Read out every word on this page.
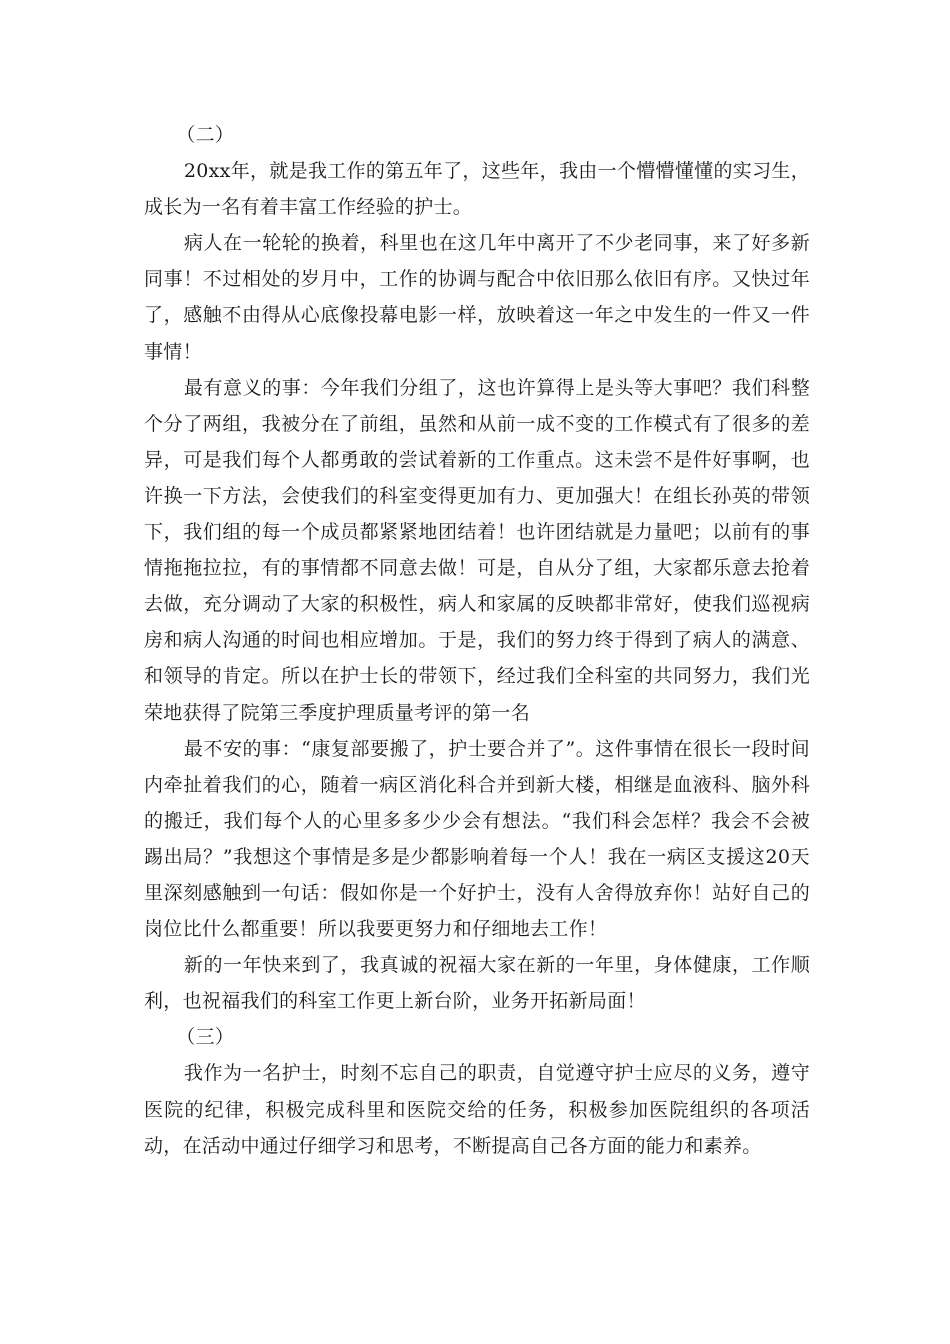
（二）

20xx年，就是我工作的第五年了，这些年，我由一个懵懵懂懂的实习生，成长为一名有着丰富工作经验的护士。

病人在一轮轮的换着，科里也在这几年中离开了不少老同事，来了好多新同事！不过相处的岁月中，工作的协调与配合中依旧那么依旧有序。又快过年了，感触不由得从心底像投幕电影一样，放映着这一年之中发生的一件又一件事情！

最有意义的事：今年我们分组了，这也许算得上是头等大事吧？我们科整个分了两组，我被分在了前组，虽然和从前一成不变的工作模式有了很多的差异，可是我们每个人都勇敢的尝试着新的工作重点。这未尝不是件好事啊，也许换一下方法，会使我们的科室变得更加有力、更加强大！在组长孙英的带领下，我们组的每一个成员都紧紧地团结着！也许团结就是力量吧；以前有的事情拖拖拉拉，有的事情都不同意去做！可是，自从分了组，大家都乐意去抢着去做，充分调动了大家的积极性，病人和家属的反映都非常好，使我们巡视病房和病人沟通的时间也相应增加。于是，我们的努力终于得到了病人的满意、和领导的肯定。所以在护士长的带领下，经过我们全科室的共同努力，我们光荣地获得了院第三季度护理质量考评的第一名

最不安的事：“康复部要搬了，护士要合并了”。这件事情在很长一段时间内牵扯着我们的心，随着一病区消化科合并到新大楼，相继是血液科、脑外科的搬迁，我们每个人的心里多多少少会有想法。“我们科会怎样？我会不会被踢出局？”我想这个事情是多是少都影响着每一个人！我在一病区支援这20天里深刻感触到一句话：假如你是一个好护士，没有人舍得放弃你！站好自己的岗位比什么都重要！所以我要更努力和仔细地去工作！

新的一年快来到了，我真诚的祝福大家在新的一年里，身体健康，工作顺利，也祝福我们的科室工作更上新台阶，业务开拓新局面！

（三）

我作为一名护士，时刻不忘自己的职责，自觉遵守护士应尽的义务，遵守医院的纪律，积极完成科里和医院交给的任务，积极参加医院组织的各项活动，在活动中通过仔细学习和思考，不断提高自己各方面的能力和素养。
